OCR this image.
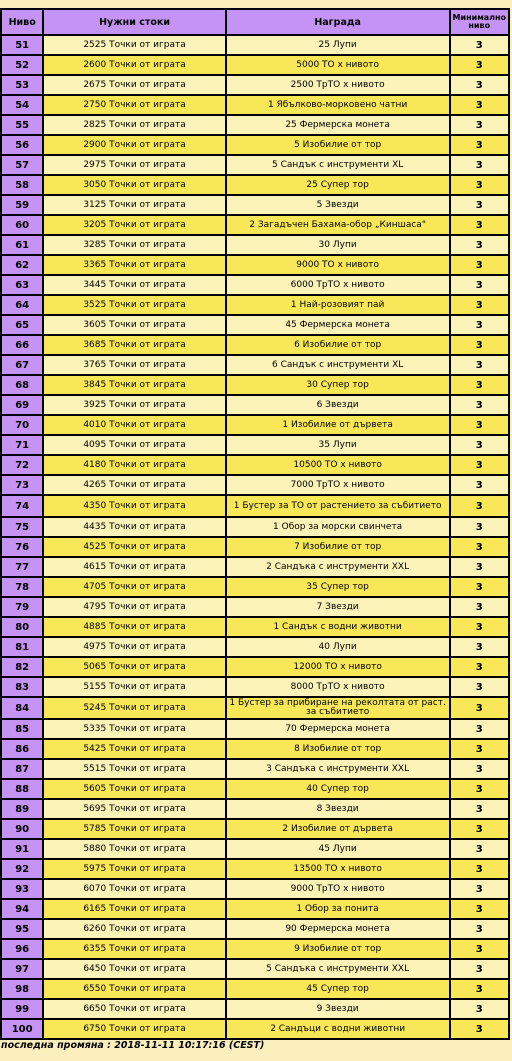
Ниво	Нужни стоки	Награда	Минимално ниво
51	2525 Точки от играта	25 Лупи	3
52	2600 Точки от играта	5000 ТО х нивото	3
53	2675 Точки от играта	2500 ТрТО х нивото	3
54	2750 Точки от играта	1 Ябълково-морковено чатни	3
55	2825 Точки от играта	25 Фермерска монета	3
56	2900 Точки от играта	5 Изобилие от тор	3
57	2975 Точки от играта	5 Сандък с инструменти XL	3
58	3050 Точки от играта	25 Супер тор	3
59	3125 Точки от играта	5 Звезди	3
60	3205 Точки от играта	2 Загадъчен Бахама-обор „Киншаса"	3
61	3285 Точки от играта	30 Лупи	3
62	3365 Точки от играта	9000 ТО х нивото	3
63	3445 Точки от играта	6000 ТрТО х нивото	3
64	3525 Точки от играта	1 Най-розовият пай	3
65	3605 Точки от играта	45 Фермерска монета	3
66	3685 Точки от играта	6 Изобилие от тор	3
67	3765 Точки от играта	6 Сандък с инструменти XL	3
68	3845 Точки от играта	30 Супер тор	3
69	3925 Точки от играта	6 Звезди	3
70	4010 Точки от играта	1 Изобилие от дървета	3
71	4095 Точки от играта	35 Лупи	3
72	4180 Точки от играта	10500 ТО х нивото	3
73	4265 Точки от играта	7000 ТрТО х нивото	3
74	4350 Точки от играта	1 Бустер за ТО от растението за събитието	3
75	4435 Точки от играта	1 Обор за морски свинчета	3
76	4525 Точки от играта	7 Изобилие от тор	3
77	4615 Точки от играта	2 Сандъка с инструменти XXL	3
78	4705 Точки от играта	35 Супер тор	3
79	4795 Точки от играта	7 Звезди	3
80	4885 Точки от играта	1 Сандък с водни животни	3
81	4975 Точки от играта	40 Лупи	3
82	5065 Точки от играта	12000 ТО х нивото	3
83	5155 Точки от играта	8000 ТрТО х нивото	3
84	5245 Точки от играта	1 Бустер за прибиране на реколтата от раст. за събитието	3
85	5335 Точки от играта	70 Фермерска монета	3
86	5425 Точки от играта	8 Изобилие от тор	3
87	5515 Точки от играта	3 Сандъка с инструменти XXL	3
88	5605 Точки от играта	40 Супер тор	3
89	5695 Точки от играта	8 Звезди	3
90	5785 Точки от играта	2 Изобилие от дървета	3
91	5880 Точки от играта	45 Лупи	3
92	5975 Точки от играта	13500 ТО х нивото	3
93	6070 Точки от играта	9000 ТрТО х нивото	3
94	6165 Точки от играта	1 Обор за понита	3
95	6260 Точки от играта	90 Фермерска монета	3
96	6355 Точки от играта	9 Изобилие от тор	3
97	6450 Точки от играта	5 Сандъка с инструменти XXL	3
98	6550 Точки от играта	45 Супер тор	3
99	6650 Точки от играта	9 Звезди	3
100	6750 Точки от играта	2 Сандъци с водни животни	3
последна промяна : 2018-11-11 10:17:16 (CEST)
